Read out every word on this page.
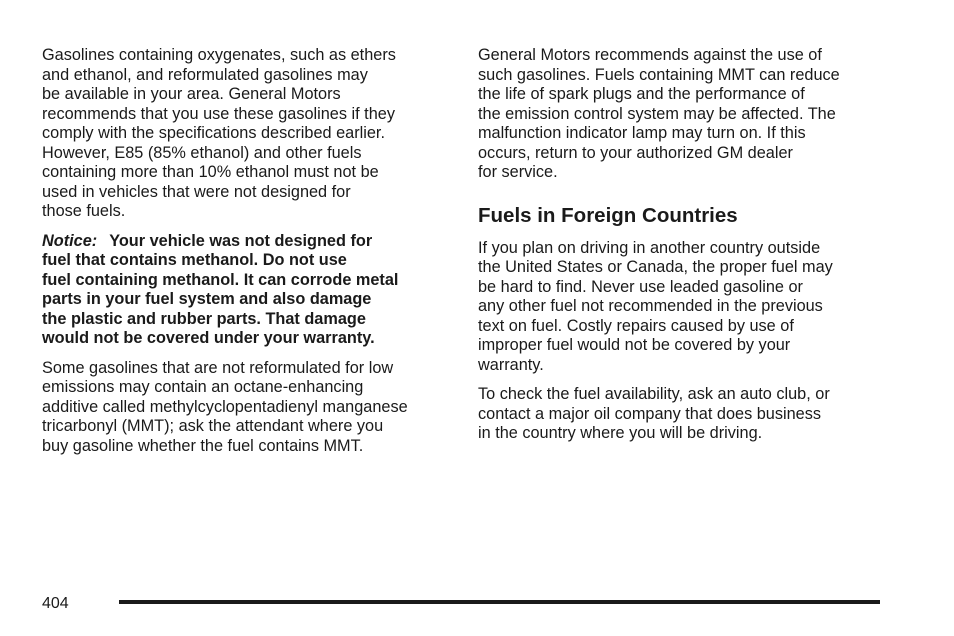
Gasolines containing oxygenates, such as ethers
and ethanol, and reformulated gasolines may
be available in your area. General Motors
recommends that you use these gasolines if they
comply with the specifications described earlier.
However, E85 (85% ethanol) and other fuels
containing more than 10% ethanol must not be
used in vehicles that were not designed for
those fuels.
Notice: Your vehicle was not designed for
fuel that contains methanol. Do not use
fuel containing methanol. It can corrode metal
parts in your fuel system and also damage
the plastic and rubber parts. That damage
would not be covered under your warranty.
Some gasolines that are not reformulated for low
emissions may contain an octane-enhancing
additive called methylcyclopentadienyl manganese
tricarbonyl (MMT); ask the attendant where you
buy gasoline whether the fuel contains MMT.
General Motors recommends against the use of
such gasolines. Fuels containing MMT can reduce
the life of spark plugs and the performance of
the emission control system may be affected. The
malfunction indicator lamp may turn on. If this
occurs, return to your authorized GM dealer
for service.
Fuels in Foreign Countries
If you plan on driving in another country outside
the United States or Canada, the proper fuel may
be hard to find. Never use leaded gasoline or
any other fuel not recommended in the previous
text on fuel. Costly repairs caused by use of
improper fuel would not be covered by your
warranty.
To check the fuel availability, ask an auto club, or
contact a major oil company that does business
in the country where you will be driving.
404
